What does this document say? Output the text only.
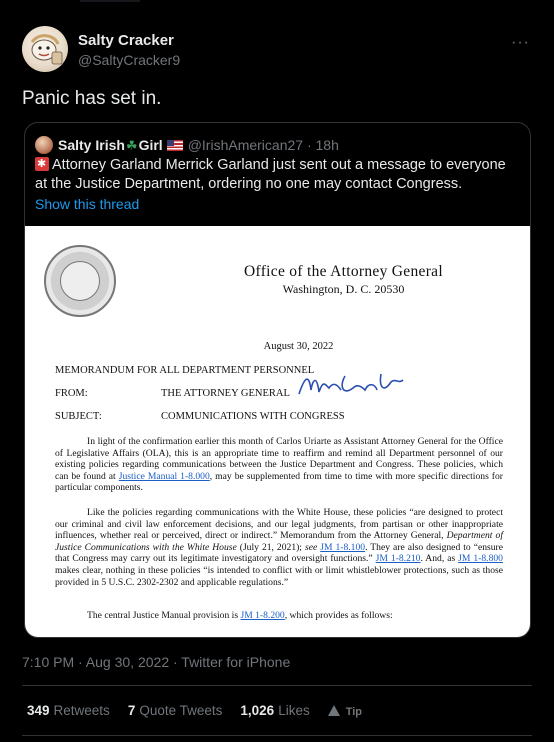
Salty Cracker
@SaltyCracker9
···
Panic has set in.
Salty Irish☘Girl @IrishAmerican27 · 18h
✱Attorney Garland Merrick Garland just sent out a message to everyone at the Justice Department, ordering no one may contact Congress.
Show this thread
Office of the Attorney General
Washington, D. C. 20530
August 30, 2022
MEMORANDUM FOR ALL DEPARTMENT PERSONNEL
FROM:	THE ATTORNEY GENERAL
SUBJECT:	COMMUNICATIONS WITH CONGRESS
In light of the confirmation earlier this month of Carlos Uriarte as Assistant Attorney General for the Office of Legislative Affairs (OLA), this is an appropriate time to reaffirm and remind all Department personnel of our existing policies regarding communications between the Justice Department and Congress. These policies, which can be found at Justice Manual 1-8.000, may be supplemented from time to time with more specific directions for particular components.
Like the policies regarding communications with the White House, these policies “are designed to protect our criminal and civil law enforcement decisions, and our legal judgments, from partisan or other inappropriate influences, whether real or perceived, direct or indirect.” Memorandum from the Attorney General, Department of Justice Communications with the White House (July 21, 2021); see JM 1-8.100. They are also designed to “ensure that Congress may carry out its legitimate investigatory and oversight functions.” JM 1-8.210. And, as JM 1-8.800 makes clear, nothing in these policies “is intended to conflict with or limit whistleblower protections, such as those provided in 5 U.S.C. 2302-2302 and applicable regulations.”
The central Justice Manual provision is JM 1-8.200, which provides as follows:
7:10 PM · Aug 30, 2022 · Twitter for iPhone
349 Retweets 7 Quote Tweets 1,026 Likes	Tip
